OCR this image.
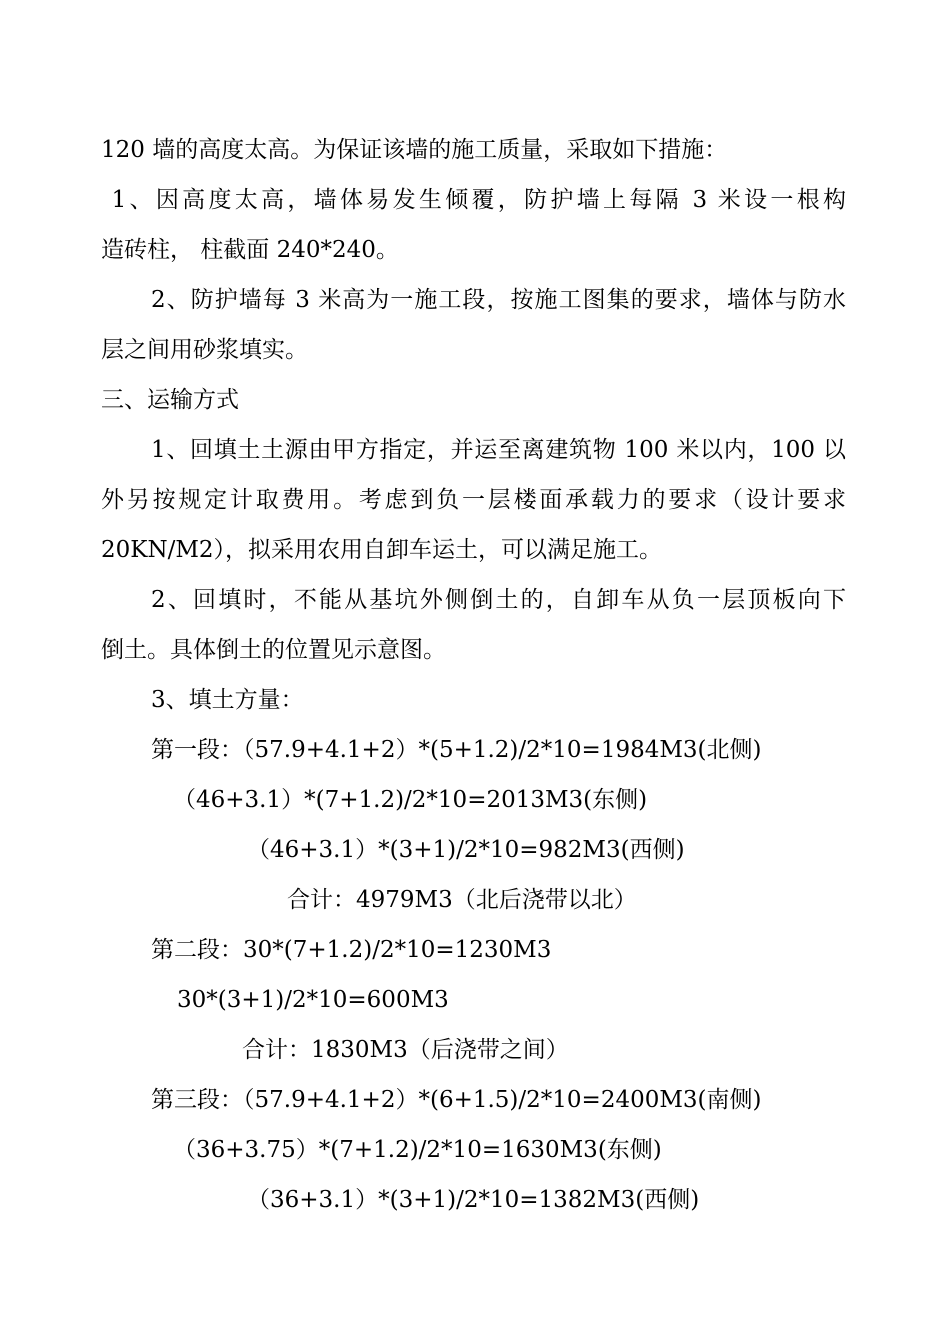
120 墙的高度太高。为保证该墙的施工质量，采取如下措施：
1、因高度太高，墙体易发生倾覆，防护墙上每隔 3 米设一根构
造砖柱， 柱截面 240*240。
2、防护墙每 3 米高为一施工段，按施工图集的要求，墙体与防水
层之间用砂浆填实。
三、运输方式
1、回填土土源由甲方指定，并运至离建筑物 100 米以内，100 以
外另按规定计取费用。考虑到负一层楼面承载力的要求（设计要求
20KN/M2），拟采用农用自卸车运土，可以满足施工。
2、回填时，不能从基坑外侧倒土的，自卸车从负一层顶板向下
倒土。具体倒土的位置见示意图。
3、填土方量：
第一段：（57.9+4.1+2）*(5+1.2)/2*10=1984M3(北侧)
（46+3.1）*(7+1.2)/2*10=2013M3(东侧)
（46+3.1）*(3+1)/2*10=982M3(西侧)
合计：4979M3（北后浇带以北）
第二段：30*(7+1.2)/2*10=1230M3
30*(3+1)/2*10=600M3
合计：1830M3（后浇带之间）
第三段：（57.9+4.1+2）*(6+1.5)/2*10=2400M3(南侧)
（36+3.75）*(7+1.2)/2*10=1630M3(东侧)
（36+3.1）*(3+1)/2*10=1382M3(西侧)
